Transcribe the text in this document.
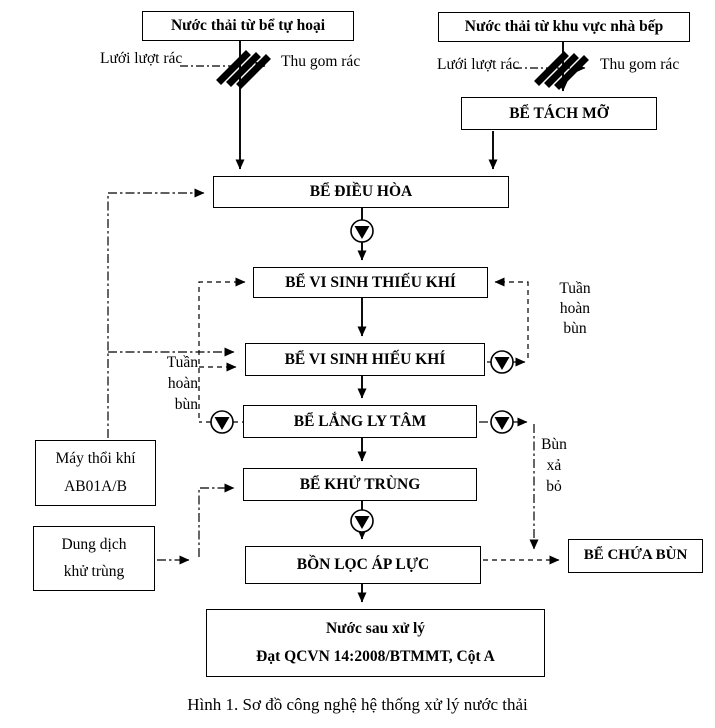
Nước thải từ bể tự hoại	Nước thải từ khu vực nhà bếp
BỂ TÁCH MỠ
BỂ ĐIỀU HÒA
BỂ VI SINH THIẾU KHÍ
BỂ VI SINH HIẾU KHÍ
BỂ LẮNG LY TÂM
BỂ KHỬ TRÙNG
BỒN LỌC ÁP LỰC
Nước sau xử lý
Đạt QCVN 14:2008/BTMMT, Cột A
Máy thổi khí
AB01A/B
Dung dịch
khử trùng
BỂ CHỨA BÙN
Lưới lượt rác	Thu gom rác	Lưới lượt rác	Thu gom rác
Tuần
hoàn
bùn
Tuần
hoàn
bùn
Bùn
xả
bỏ
Hình 1. Sơ đồ công nghệ hệ thống xử lý nước thải
